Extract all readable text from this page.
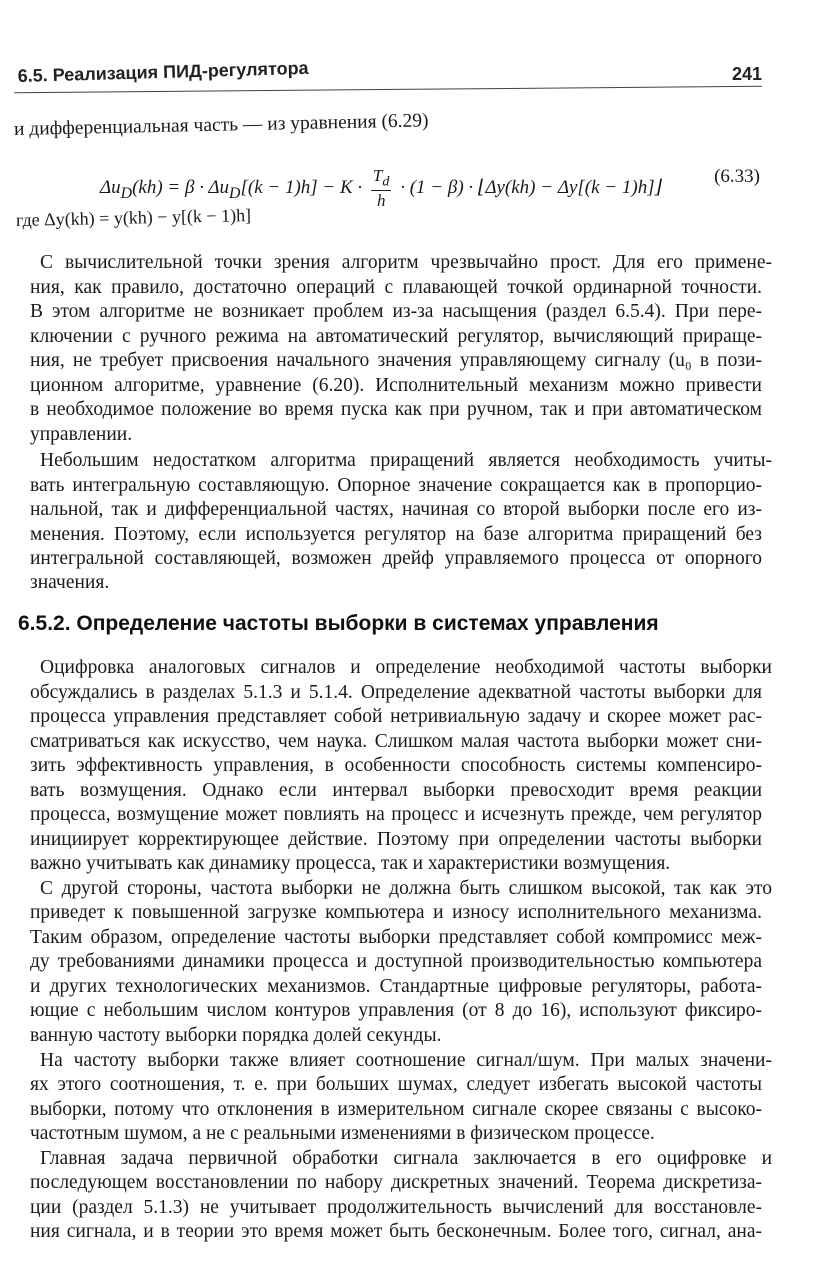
6.5. Реализация ПИД-регулятора	241
и дифференциальная часть — из уравнения (6.29)
$\Delta u_D(kh) = \beta \cdot \Delta u_D[(k - 1)h] - K \cdot \frac{T_d}{h} \cdot (1 - \beta)$ · ⌊Δy(kh) − Δy[(k − 1)h]⌋
(6.33)
где Δy(kh) = y(kh) − y[(k − 1)h]
С вычислительной точки зрения алгоритм чрезвычайно прост. Для его примене-
ния, как правило, достаточно операций с плавающей точкой ординарной точности.
В этом алгоритме не возникает проблем из-за насыщения (раздел 6.5.4). При пере-
ключении с ручного режима на автоматический регулятор, вычисляющий прираще-
ния, не требует присвоения начального значения управляющему сигналу (u₀ в пози-
ционном алгоритме, уравнение (6.20). Исполнительный механизм можно привести
в необходимое положение во время пуска как при ручном, так и при автоматическом
управлении.
Небольшим недостатком алгоритма приращений является необходимость учиты-
вать интегральную составляющую. Опорное значение сокращается как в пропорцио-
нальной, так и дифференциальной частях, начиная со второй выборки после его из-
менения. Поэтому, если используется регулятор на базе алгоритма приращений без
интегральной составляющей, возможен дрейф управляемого процесса от опорного
значения.
6.5.2. Определение частоты выборки в системах управления
Оцифровка аналоговых сигналов и определение необходимой частоты выборки
обсуждались в разделах 5.1.3 и 5.1.4. Определение адекватной частоты выборки для
процесса управления представляет собой нетривиальную задачу и скорее может рас-
сматриваться как искусство, чем наука. Слишком малая частота выборки может сни-
зить эффективность управления, в особенности способность системы компенсиро-
вать возмущения. Однако если интервал выборки превосходит время реакции
процесса, возмущение может повлиять на процесс и исчезнуть прежде, чем регулятор
инициирует корректирующее действие. Поэтому при определении частоты выборки
важно учитывать как динамику процесса, так и характеристики возмущения.
С другой стороны, частота выборки не должна быть слишком высокой, так как это
приведет к повышенной загрузке компьютера и износу исполнительного механизма.
Таким образом, определение частоты выборки представляет собой компромисс меж-
ду требованиями динамики процесса и доступной производительностью компьютера
и других технологических механизмов. Стандартные цифровые регуляторы, работа-
ющие с небольшим числом контуров управления (от 8 до 16), используют фиксиро-
ванную частоту выборки порядка долей секунды.
На частоту выборки также влияет соотношение сигнал/шум. При малых значени-
ях этого соотношения, т. е. при больших шумах, следует избегать высокой частоты
выборки, потому что отклонения в измерительном сигнале скорее связаны с высоко-
частотным шумом, а не с реальными изменениями в физическом процессе.
Главная задача первичной обработки сигнала заключается в его оцифровке и
последующем восстановлении по набору дискретных значений. Теорема дискретиза-
ции (раздел 5.1.3) не учитывает продолжительность вычислений для восстановле-
ния сигнала, и в теории это время может быть бесконечным. Более того, сигнал, ана-
